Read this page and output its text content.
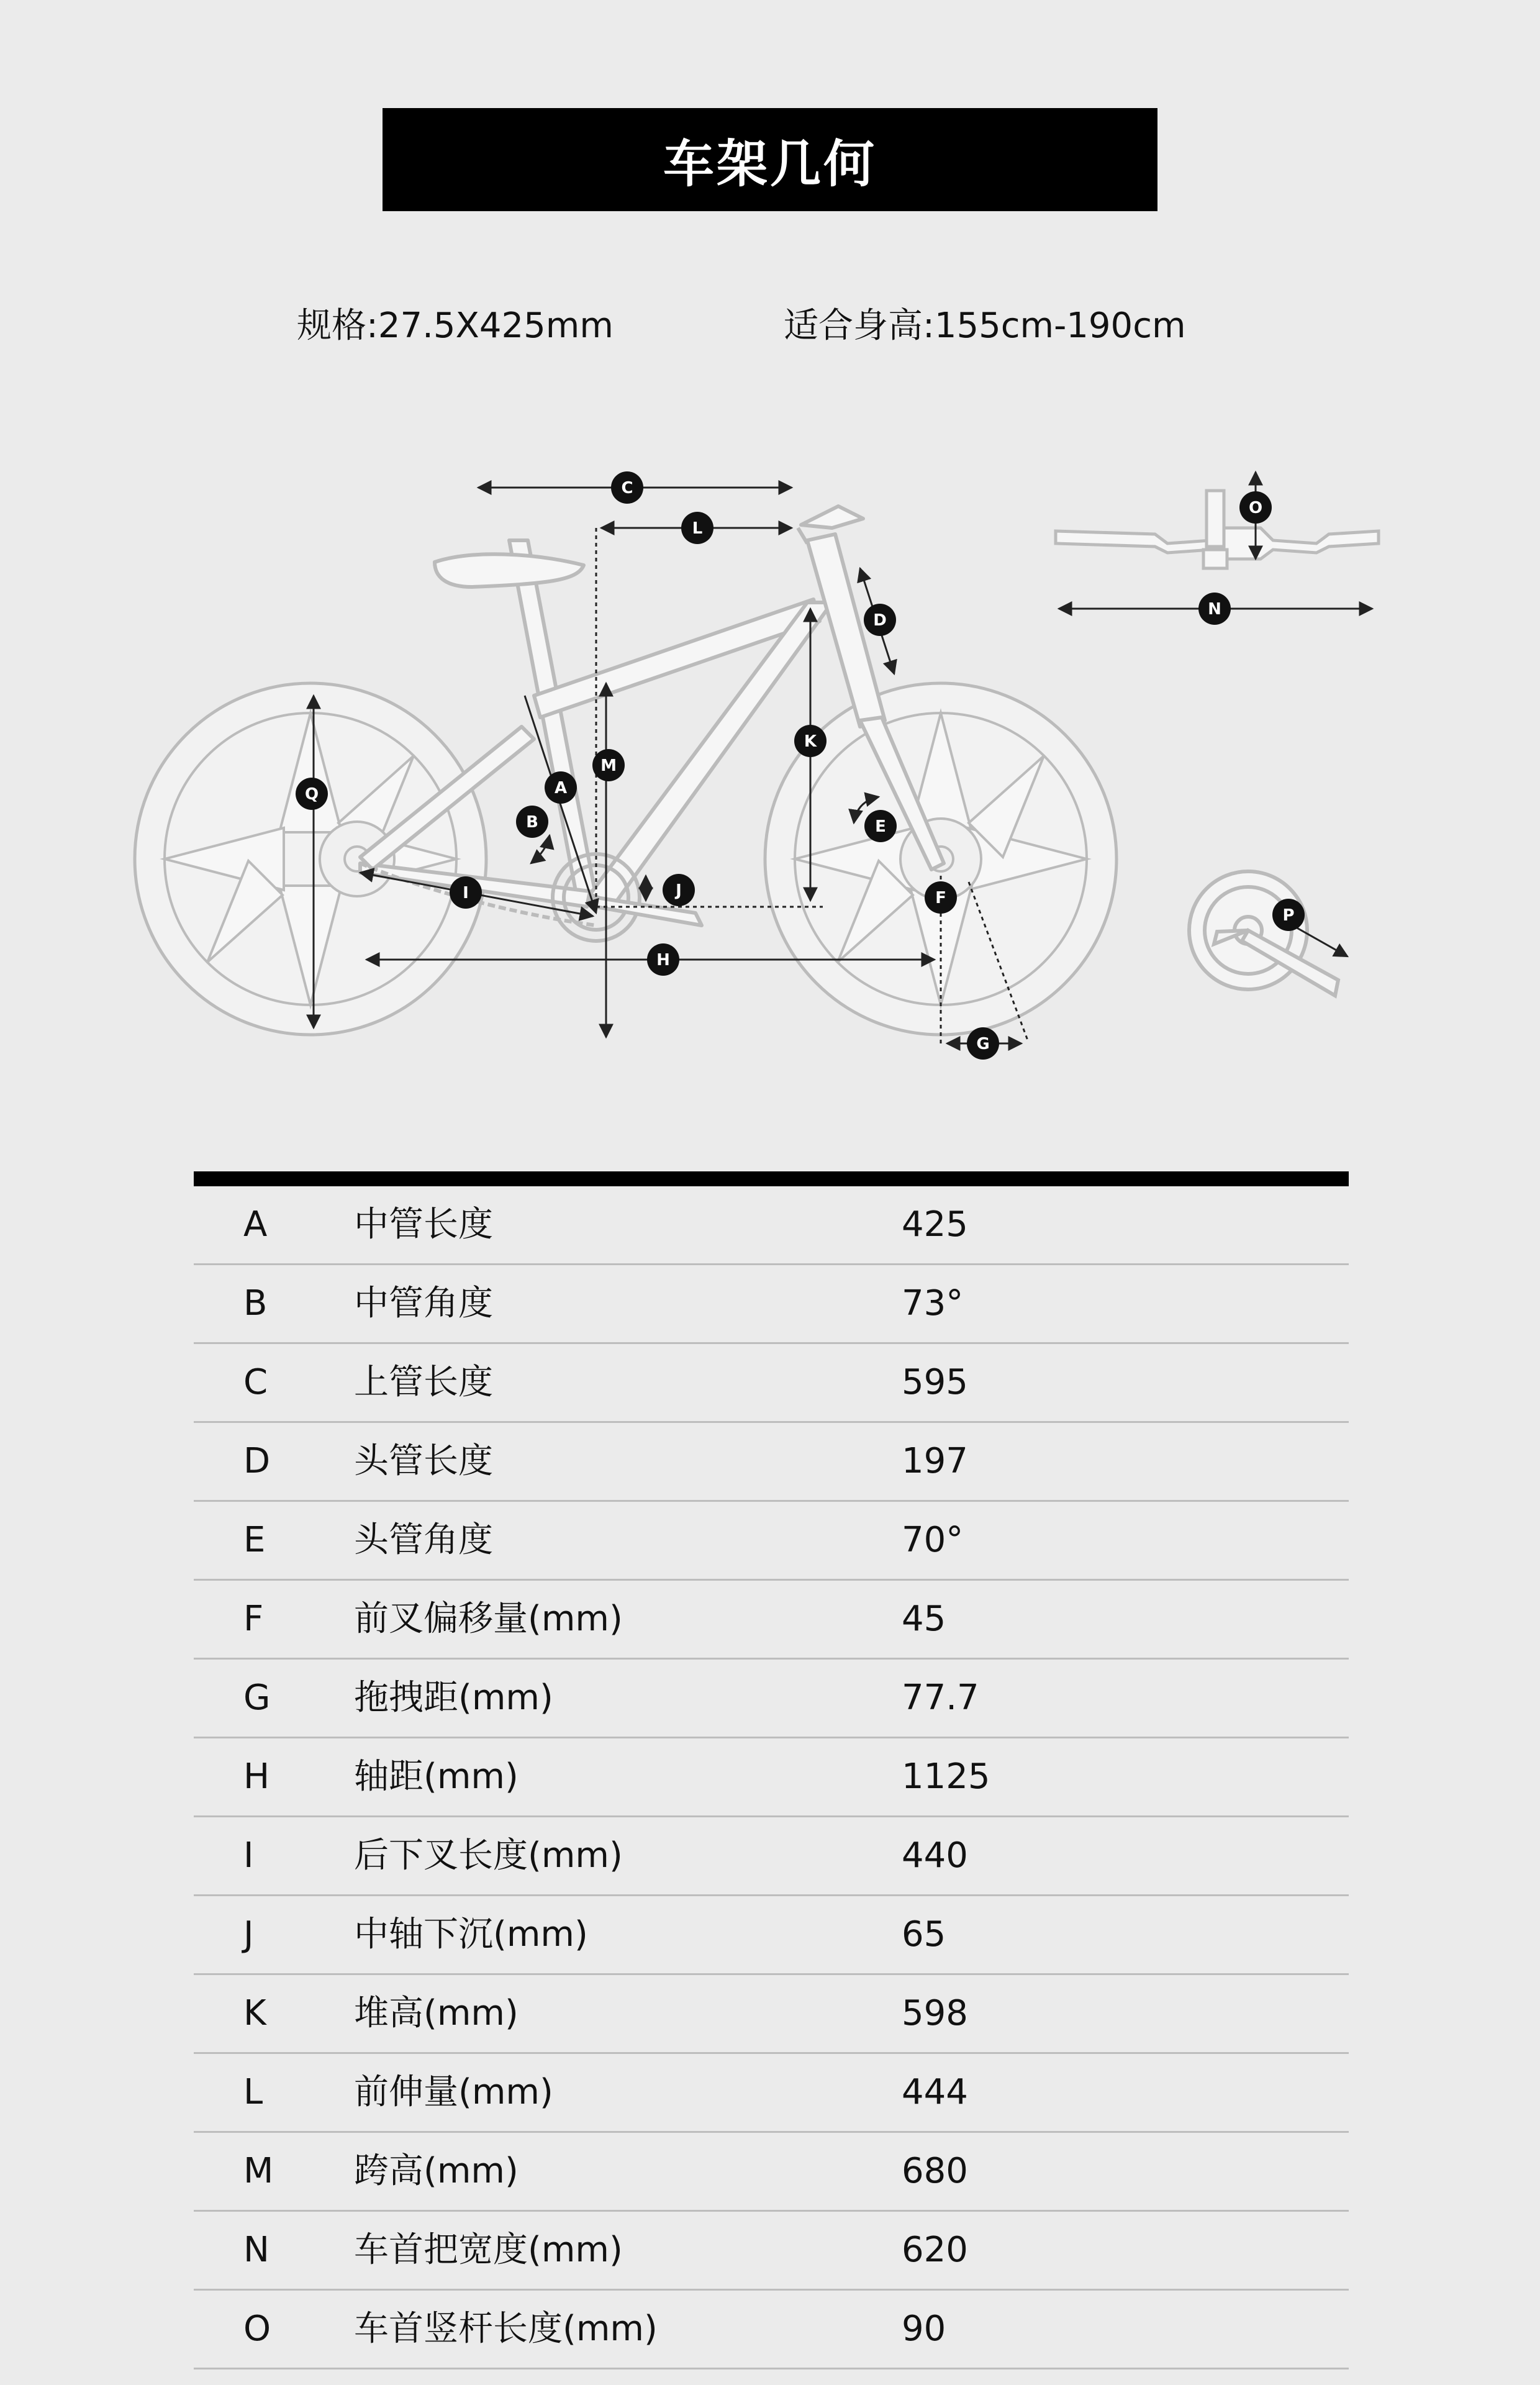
车架几何
规格:27.5X425mm	适合身高:155cm-190cm
A
B
C
D
E
F
G
H
I	J
K
L
M
N
O
P
Q
A 中管长度	425
B 中管角度	73°
C 上管长度	595
D 头管长度	197
E	头管角度	70°
F	前叉偏移量(mm)	45
G 拖拽距(mm)	77.7
H 轴距(mm)	1125
I	后下叉长度(mm)	440
J	中轴下沉(mm)	65
K	堆高(mm)	598
L	前伸量(mm)	444
M 跨高(mm)	680
N 车首把宽度(mm)	620
O 车首竖杆长度(mm)	90
